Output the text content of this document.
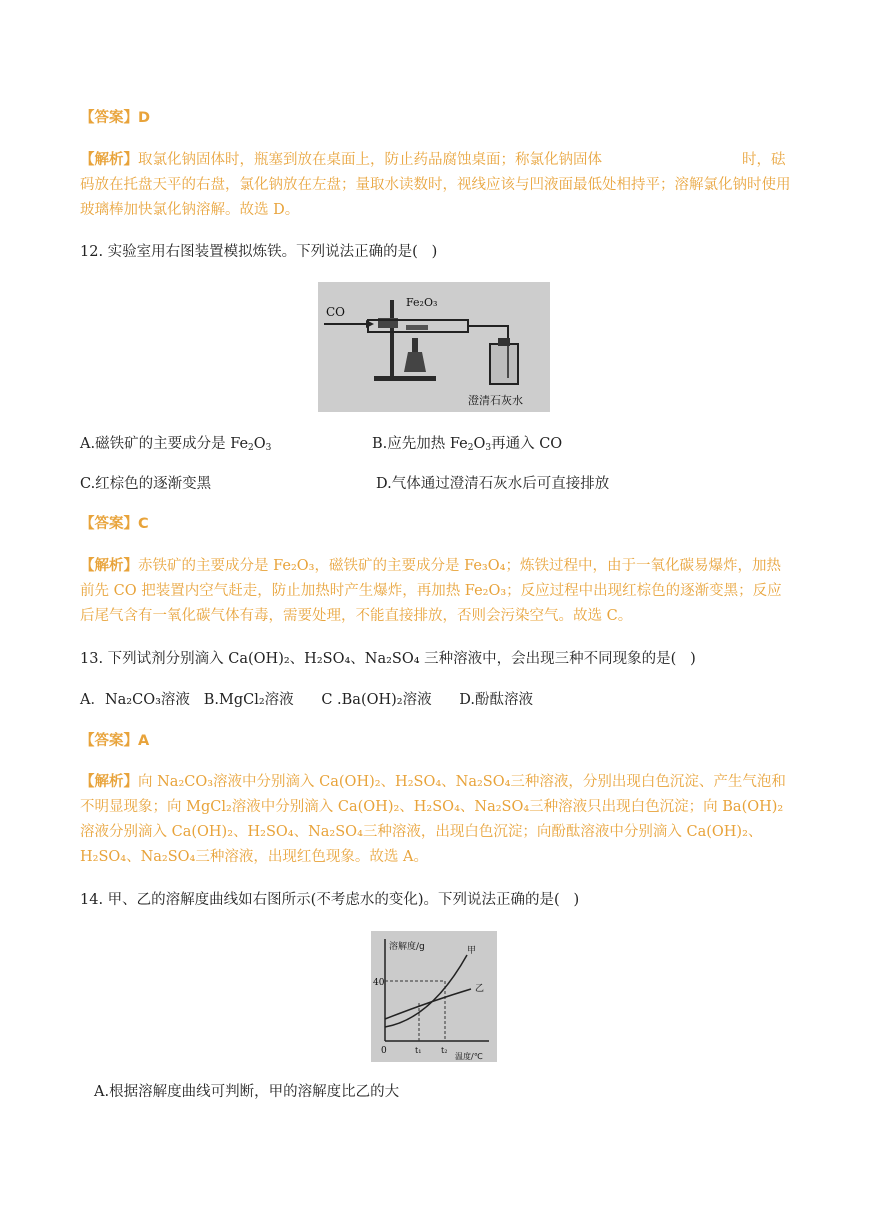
【答案】D

【解析】取氯化钠固体时，瓶塞到放在桌面上，防止药品腐蚀桌面；称氯化钠固体	时，砝码放在托盘天平的右盘，氯化钠放在左盘；量取水读数时，视线应该与凹液面最低处相持平；溶解氯化钠时使用玻璃棒加快氯化钠溶解。故选 D。

12. 实验室用右图装置模拟炼铁。下列说法正确的是(   )

CO
Fe₂O₃
澄清石灰水
A.磁铁矿的主要成分是 $Fe_2O_3$	B.应先加热 $Fe_2O_3$再通入 CO
C.红棕色的逐渐变黑	D.气体通过澄清石灰水后可直接排放

【答案】C

【解析】赤铁矿的主要成分是 Fe₂O₃，磁铁矿的主要成分是 Fe₃O₄；炼铁过程中，由于一氧化碳易爆炸，加热前先 CO 把装置内空气赶走，防止加热时产生爆炸，再加热 Fe₂O₃；反应过程中出现红棕色的逐渐变黑；反应后尾气含有一氧化碳气体有毒，需要处理，不能直接排放，否则会污染空气。故选 C。

13. 下列试剂分别滴入 Ca(OH)₂、H₂SO₄、Na₂SO₄ 三种溶液中，会出现三种不同现象的是(   )

A．Na₂CO₃溶液   B.MgCl₂溶液      C .Ba(OH)₂溶液      D.酚酞溶液

【答案】A

【解析】向 Na₂CO₃溶液中分别滴入 Ca(OH)₂、H₂SO₄、Na₂SO₄三种溶液，分别出现白色沉淀、产生气泡和不明显现象；向 MgCl₂溶液中分别滴入 Ca(OH)₂、H₂SO₄、Na₂SO₄三种溶液只出现白色沉淀；向 Ba(OH)₂溶液分别滴入 Ca(OH)₂、H₂SO₄、Na₂SO₄三种溶液，出现白色沉淀；向酚酞溶液中分别滴入 Ca(OH)₂、H₂SO₄、Na₂SO₄三种溶液，出现红色现象。故选 A。

14. 甲、乙的溶解度曲线如右图所示(不考虑水的变化)。下列说法正确的是(   )

溶解度/g
40
0	t₁ t₂
温度/℃
甲
乙
A.根据溶解度曲线可判断，甲的溶解度比乙的大
